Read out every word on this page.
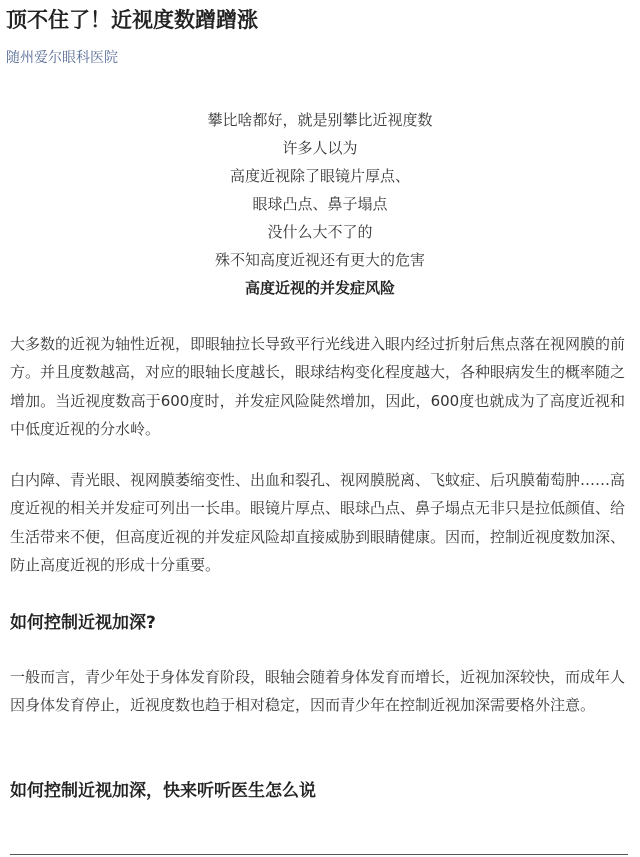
顶不住了！近视度数蹭蹭涨
随州爱尔眼科医院

攀比啥都好，就是别攀比近视度数

许多人以为

高度近视除了眼镜片厚点、

眼球凸点、鼻子塌点

没什么大不了的

殊不知高度近视还有更大的危害

高度近视的并发症风险

大多数的近视为轴性近视，即眼轴拉长导致平行光线进入眼内经过折射后焦点落在视网膜的前方。并且度数越高，对应的眼轴长度越长，眼球结构变化程度越大，各种眼病发生的概率随之增加。当近视度数高于600度时，并发症风险陡然增加，因此，600度也就成为了高度近视和中低度近视的分水岭。

白内障、青光眼、视网膜萎缩变性、出血和裂孔、视网膜脱离、飞蚊症、后巩膜葡萄肿……高度近视的相关并发症可列出一长串。眼镜片厚点、眼球凸点、鼻子塌点无非只是拉低颜值、给生活带来不便，但高度近视的并发症风险却直接威胁到眼睛健康。因而，控制近视度数加深、防止高度近视的形成十分重要。

如何控制近视加深?

一般而言，青少年处于身体发育阶段，眼轴会随着身体发育而增长，近视加深较快，而成年人因身体发育停止，近视度数也趋于相对稳定，因而青少年在控制近视加深需要格外注意。

如何控制近视加深，快来听听医生怎么说
